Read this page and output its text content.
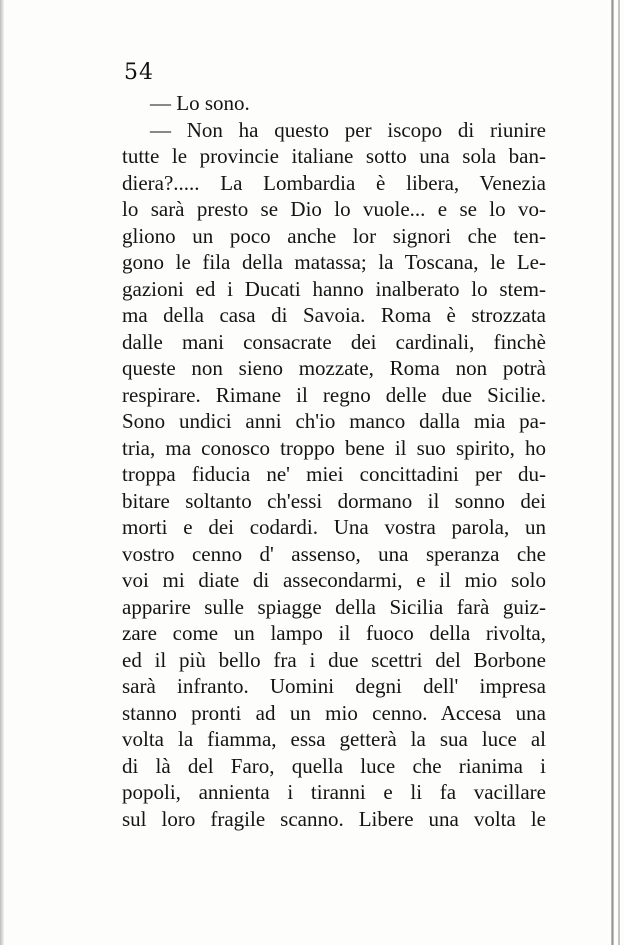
54
— Lo sono.
— Non ha questo per iscopo di riunire
tutte le provincie italiane sotto una sola ban-
diera?..... La Lombardia è libera, Venezia
lo sarà presto se Dio lo vuole... e se lo vo-
gliono un poco anche lor signori che ten-
gono le fila della matassa; la Toscana, le Le-
gazioni ed i Ducati hanno inalberato lo stem-
ma della casa di Savoia. Roma è strozzata
dalle mani consacrate dei cardinali, finchè
queste non sieno mozzate, Roma non potrà
respirare. Rimane il regno delle due Sicilie.
Sono undici anni ch'io manco dalla mia pa-
tria, ma conosco troppo bene il suo spirito, ho
troppa fiducia ne' miei concittadini per du-
bitare soltanto ch'essi dormano il sonno dei
morti e dei codardi. Una vostra parola, un
vostro cenno d' assenso, una speranza che
voi mi diate di assecondarmi, e il mio solo
apparire sulle spiagge della Sicilia farà guiz-
zare come un lampo il fuoco della rivolta,
ed il più bello fra i due scettri del Borbone
sarà infranto. Uomini degni dell' impresa
stanno pronti ad un mio cenno. Accesa una
volta la fiamma, essa getterà la sua luce al
di là del Faro, quella luce che rianima i
popoli, annienta i tiranni e li fa vacillare
sul loro fragile scanno. Libere una volta le
